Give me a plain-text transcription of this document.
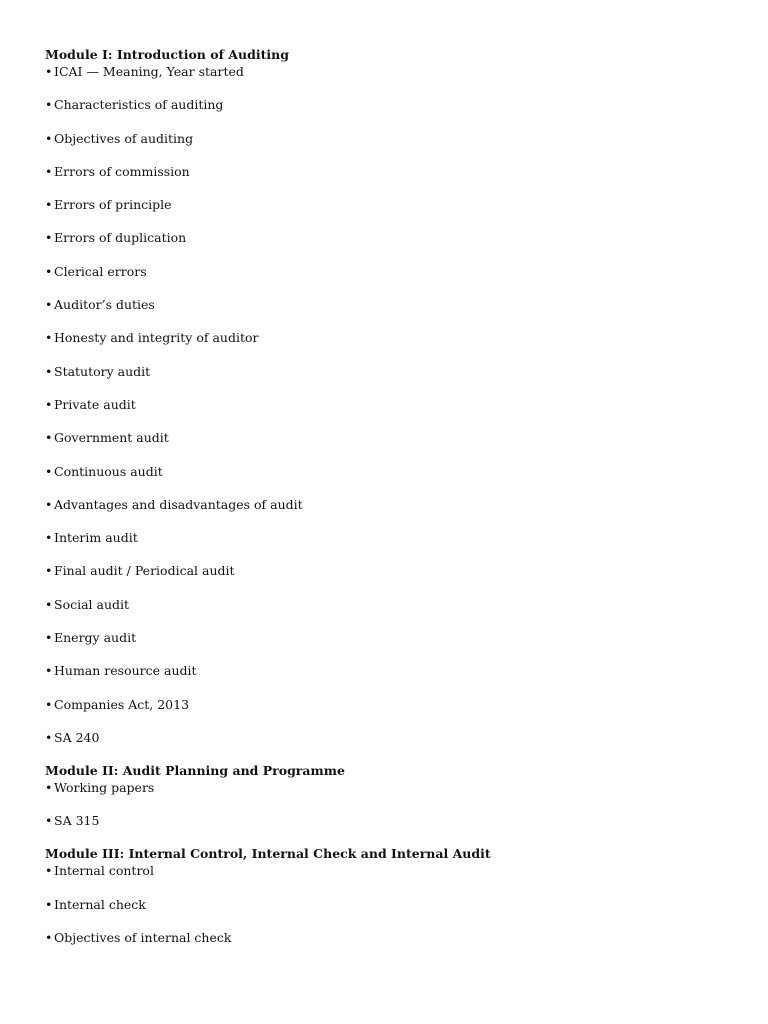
Module I: Introduction of Auditing
• ICAI — Meaning, Year started
• Characteristics of auditing
• Objectives of auditing
• Errors of commission
• Errors of principle
• Errors of duplication
• Clerical errors
• Auditor’s duties
• Honesty and integrity of auditor
• Statutory audit
• Private audit
• Government audit
• Continuous audit
• Advantages and disadvantages of audit
• Interim audit
• Final audit / Periodical audit
• Social audit
• Energy audit
• Human resource audit
• Companies Act, 2013
• SA 240
Module II: Audit Planning and Programme
• Working papers
• SA 315
Module III: Internal Control, Internal Check and Internal Audit
• Internal control
• Internal check
• Objectives of internal check
